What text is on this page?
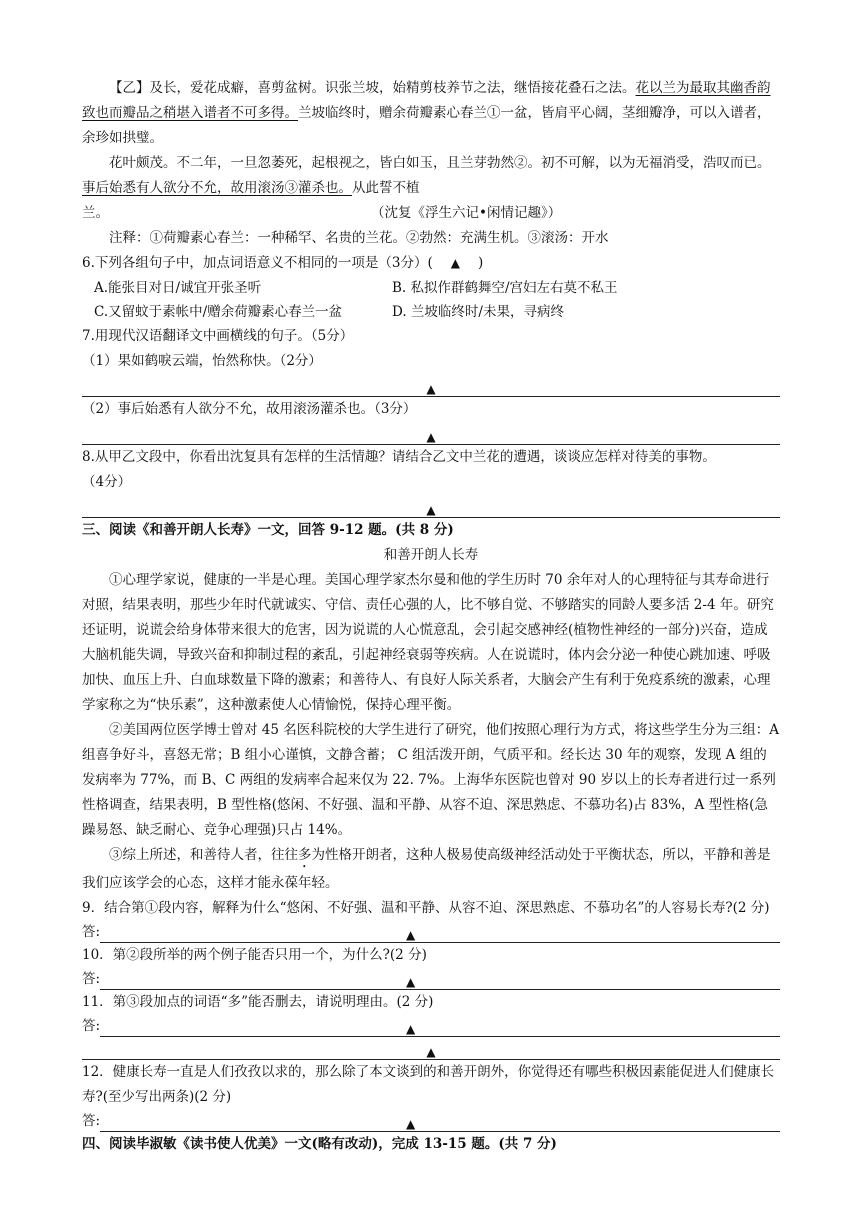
【乙】及长，爱花成癖，喜剪盆树。识张兰坡，始精剪枝养节之法，继悟接花叠石之法。花以兰为最取其幽香韵致也而瓣品之稍堪入谱者不可多得。兰坡临终时，赠余荷瓣素心春兰①一盆，皆肩平心阔，茎细瓣净，可以入谱者，余珍如拱璧。

花叶颇茂。不二年，一旦忽萎死，起根视之，皆白如玉，且兰芽勃然②。初不可解，以为无福消受，浩叹而已。事后始悉有人欲分不允，故用滚汤③灌杀也。从此誓不植

兰。	（沈复《浮生六记•闲情记趣》）

注释：①荷瓣素心春兰：一种稀罕、名贵的兰花。②勃然：充满生机。③滚汤：开水

6.下列各组句子中，加点词语意义不相同的一项是（3分）( ▲ )

A.能张目对日/诚宜开张圣听	B. 私拟作群鹤舞空/宫妇左右莫不私王
C.又留蚊于素帐中/赠余荷瓣素心春兰一盆	D. 兰坡临终时/未果，寻病终

7.用现代汉语翻译文中画横线的句子。（5分）

（1）果如鹤唳云端，怡然称快。（2分）

▲

（2）事后始悉有人欲分不允，故用滚汤灌杀也。（3分）

▲

8.从甲乙文段中，你看出沈复具有怎样的生活情趣？请结合乙文中兰花的遭遇，谈谈应怎样对待美的事物。

（4分）

▲

三、阅读《和善开朗人长寿》一文，回答 9-12 题。(共 8 分)

和善开朗人长寿

①心理学家说，健康的一半是心理。美国心理学家杰尔曼和他的学生历时 70 余年对人的心理特征与其寿命进行对照，结果表明，那些少年时代就诚实、守信、责任心强的人，比不够自觉、不够踏实的同龄人要多活 2-4 年。研究还证明，说谎会给身体带来很大的危害，因为说谎的人心慌意乱，会引起交感神经(植物性神经的一部分)兴奋，造成大脑机能失调，导致兴奋和抑制过程的紊乱，引起神经衰弱等疾病。人在说谎时，体内会分泌一种使心跳加速、呼吸加快、血压上升、白血球数量下降的激素；和善待人、有良好人际关系者，大脑会产生有利于免疫系统的激素，心理学家称之为“快乐素”，这种激素使人心情愉悦，保持心理平衡。

②美国两位医学博士曾对 45 名医科院校的大学生进行了研究，他们按照心理行为方式，将这些学生分为三组：A 组喜争好斗，喜怒无常；B 组小心谨慎，文静含蓄； C 组活泼开朗，气质平和。经长达 30 年的观察，发现 A 组的发病率为 77%，而 B、C 两组的发病率合起来仅为 22. 7%。上海华东医院也曾对 90 岁以上的长寿者进行过一系列性格调查，结果表明，B 型性格(悠闲、不好强、温和平静、从容不迫、深思熟虑、不慕功名)占 83%，A 型性格(急躁易怒、缺乏耐心、竞争心理强)只占 14%。

③综上所述，和善待人者，往往多为性格开朗者，这种人极易使高级神经活动处于平衡状态，所以，平静和善是我们应该学会的心态，这样才能永葆年轻。

9．结合第①段内容，解释为什么“悠闲、不好强、温和平静、从容不迫、深思熟虑、不慕功名”的人容易长寿?(2 分)

答:	▲

10．第②段所举的两个例子能否只用一个，为什么?(2 分)

答:	▲

11．第③段加点的词语“多”能否删去，请说明理由。(2 分)

答:	▲
▲

12．健康长寿一直是人们孜孜以求的，那么除了本文谈到的和善开朗外，你觉得还有哪些积极因素能促进人们健康长寿?(至少写出两条)(2 分)

答:	▲

四、阅读毕淑敏《读书使人优美》一文(略有改动)，完成 13-15 题。(共 7 分)
